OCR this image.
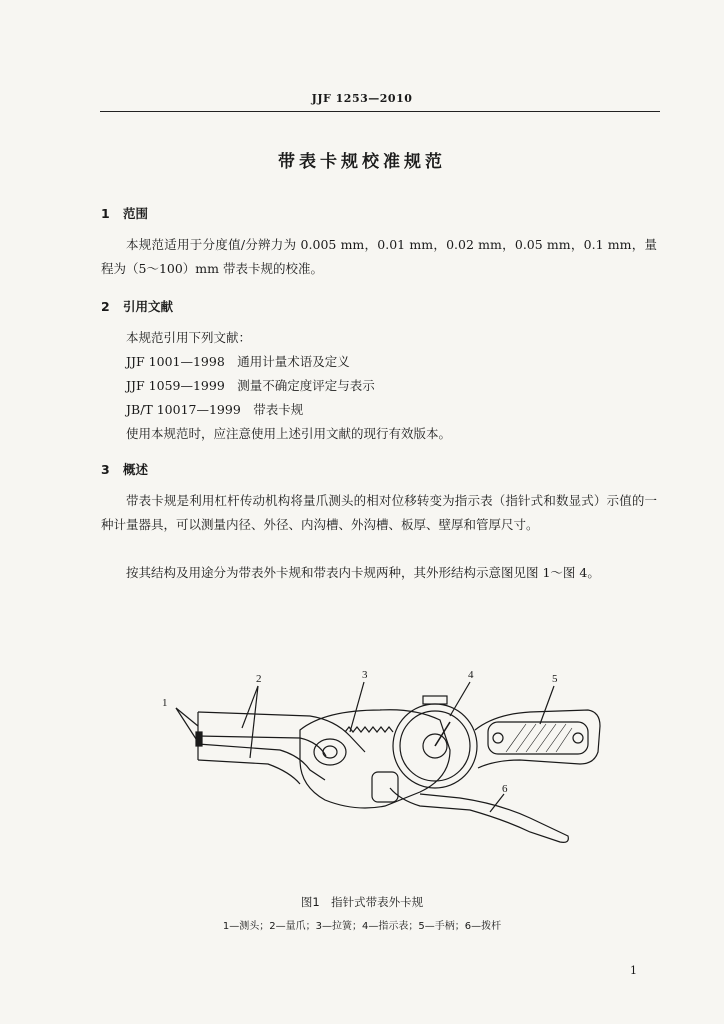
JJF 1253—2010
带表卡规校准规范
1 范围
本规范适用于分度值/分辨力为 0.005 mm，0.01 mm，0.02 mm，0.05 mm，0.1 mm，量程为（5～100）mm 带表卡规的校准。
2 引用文献
本规范引用下列文献：
JJF 1001—1998　通用计量术语及定义
JJF 1059—1999　测量不确定度评定与表示
JB/T 10017—1999　带表卡规
使用本规范时，应注意使用上述引用文献的现行有效版本。
3 概述
带表卡规是利用杠杆传动机构将量爪测头的相对位移转变为指示表（指针式和数显式）示值的一种计量器具，可以测量内径、外径、内沟槽、外沟槽、板厚、壁厚和管厚尺寸。
按其结构及用途分为带表外卡规和带表内卡规两种，其外形结构示意图见图 1～图 4。
1
2	3	4	5
6
图1　指针式带表外卡规
1—测头；2—量爪；3—拉簧；4—指示表；5—手柄；6—拨杆
1
